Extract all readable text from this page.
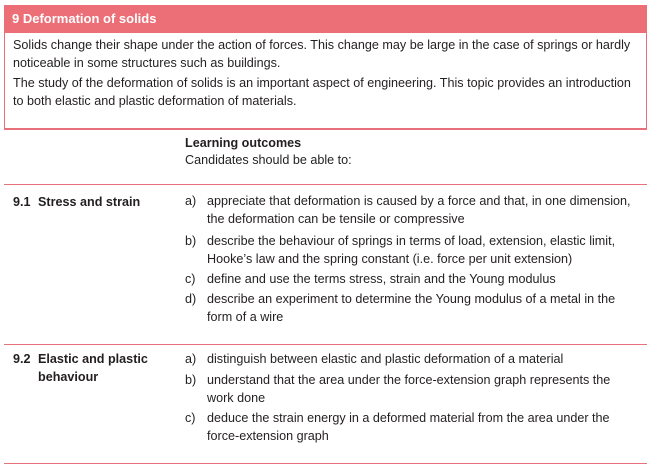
9 Deformation of solids
Solids change their shape under the action of forces. This change may be large in the case of springs or hardly noticeable in some structures such as buildings.
The study of the deformation of solids is an important aspect of engineering. This topic provides an introduction to both elastic and plastic deformation of materials.
Learning outcomes
Candidates should be able to:
9.1 Stress and strain	a) appreciate that deformation is caused by a force and that, in one dimension, the deformation can be tensile or compressive
b) describe the behaviour of springs in terms of load, extension, elastic limit, Hooke’s law and the spring constant (i.e. force per unit extension)
c) define and use the terms stress, strain and the Young modulus
d) describe an experiment to determine the Young modulus of a metal in the form of a wire
9.2 Elastic and plastic
behaviour
a) distinguish between elastic and plastic deformation of a material
b) understand that the area under the force-extension graph represents the work done
c) deduce the strain energy in a deformed material from the area under the force-extension graph
